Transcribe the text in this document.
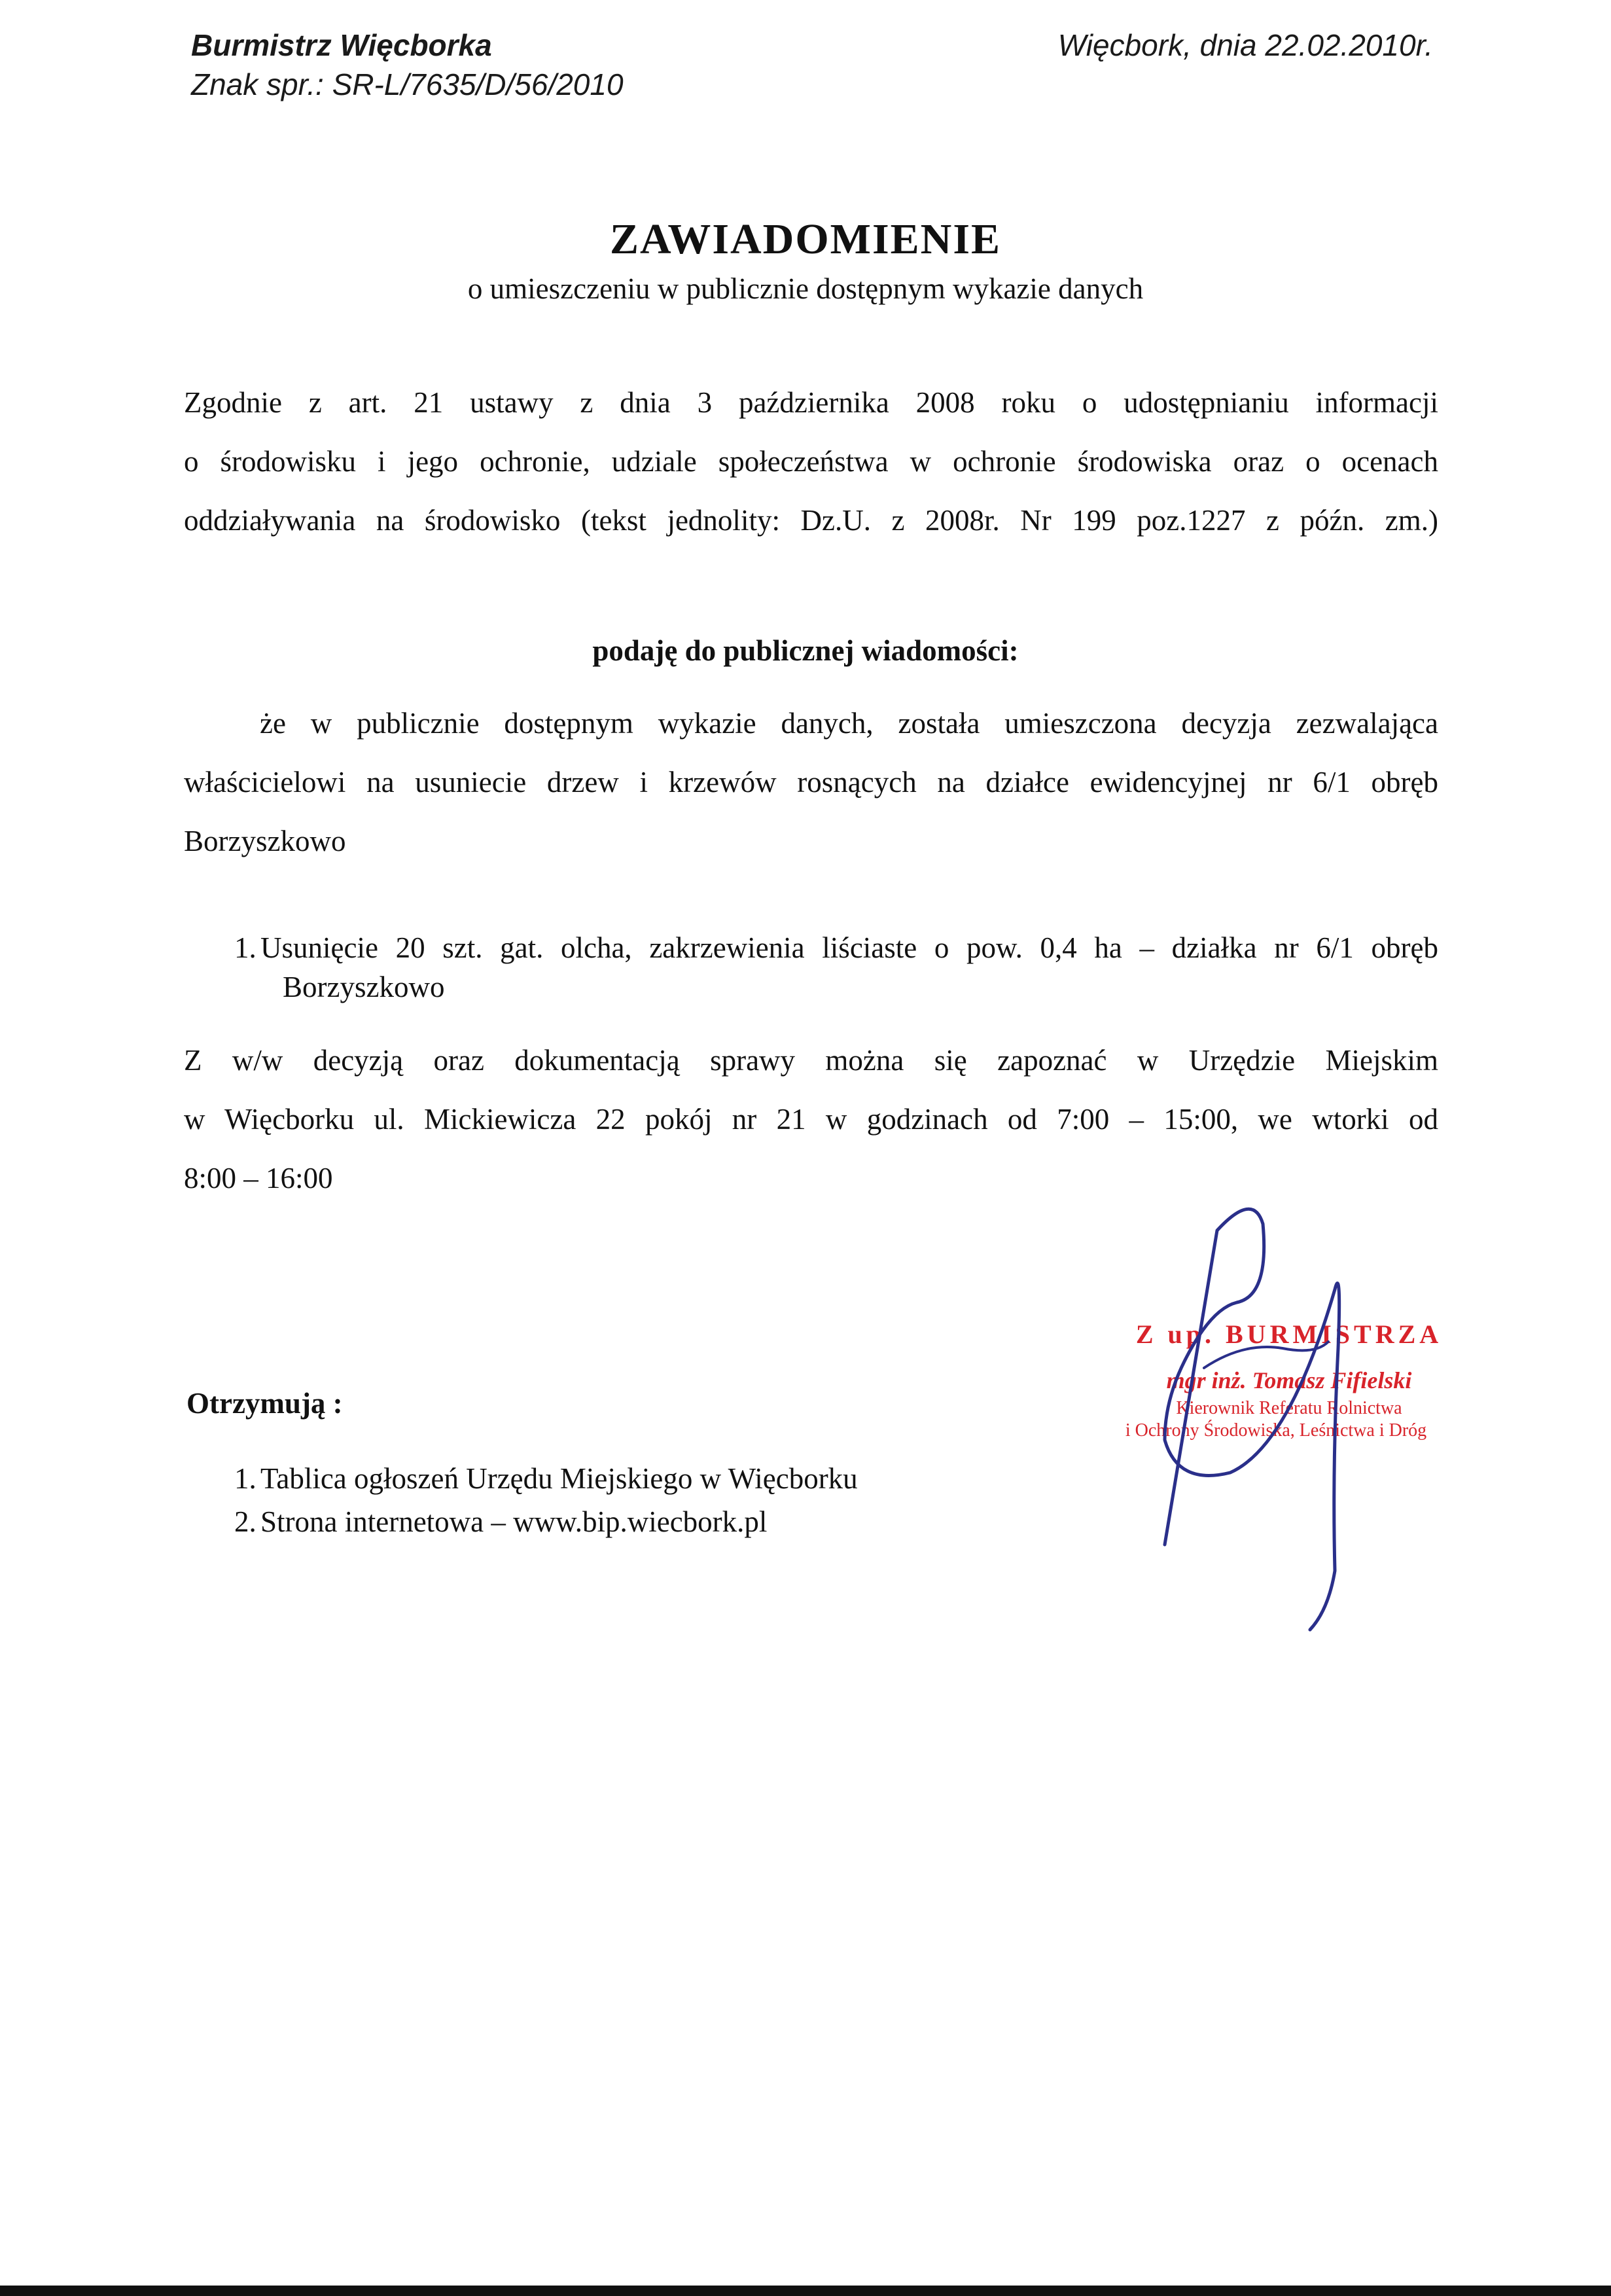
Burmistrz Więcborka
Znak spr.: SR-L/7635/D/56/2010
Więcbork, dnia 22.02.2010r.
ZAWIADOMIENIE
o umieszczeniu w publicznie dostępnym wykazie danych

Zgodnie z art. 21 ustawy z dnia 3 października 2008 roku o udostępnianiu informacji

o środowisku i jego ochronie, udziale społeczeństwa w ochronie środowiska oraz o ocenach

oddziaływania na środowisko (tekst jednolity: Dz.U. z 2008r. Nr 199 poz.1227 z późn. zm.)

podaję do publicznej wiadomości:

że w publicznie dostępnym wykazie danych, została umieszczona decyzja zezwalająca

właścicielowi na usuniecie drzew i krzewów rosnących na działce ewidencyjnej nr 6/1 obręb

Borzyszkowo

1. Usunięcie 20 szt. gat. olcha, zakrzewienia liściaste o pow. 0,4 ha – działka nr 6/1 obręb
Borzyszkowo

Z w/w decyzją oraz dokumentacją sprawy można się zapoznać w Urzędzie Miejskim

w Więcborku ul. Mickiewicza 22 pokój nr 21 w godzinach od 7:00 – 15:00, we wtorki od

8:00 – 16:00

Otrzymują :
1. Tablica ogłoszeń Urzędu Miejskiego w Więcborku
2. Strona internetowa – www.bip.wiecbork.pl
Z up. BURMISTRZA
mgr inż. Tomasz Fifielski
Kierownik Referatu Rolnictwa
i Ochrony Środowiska, Leśnictwa i Dróg
